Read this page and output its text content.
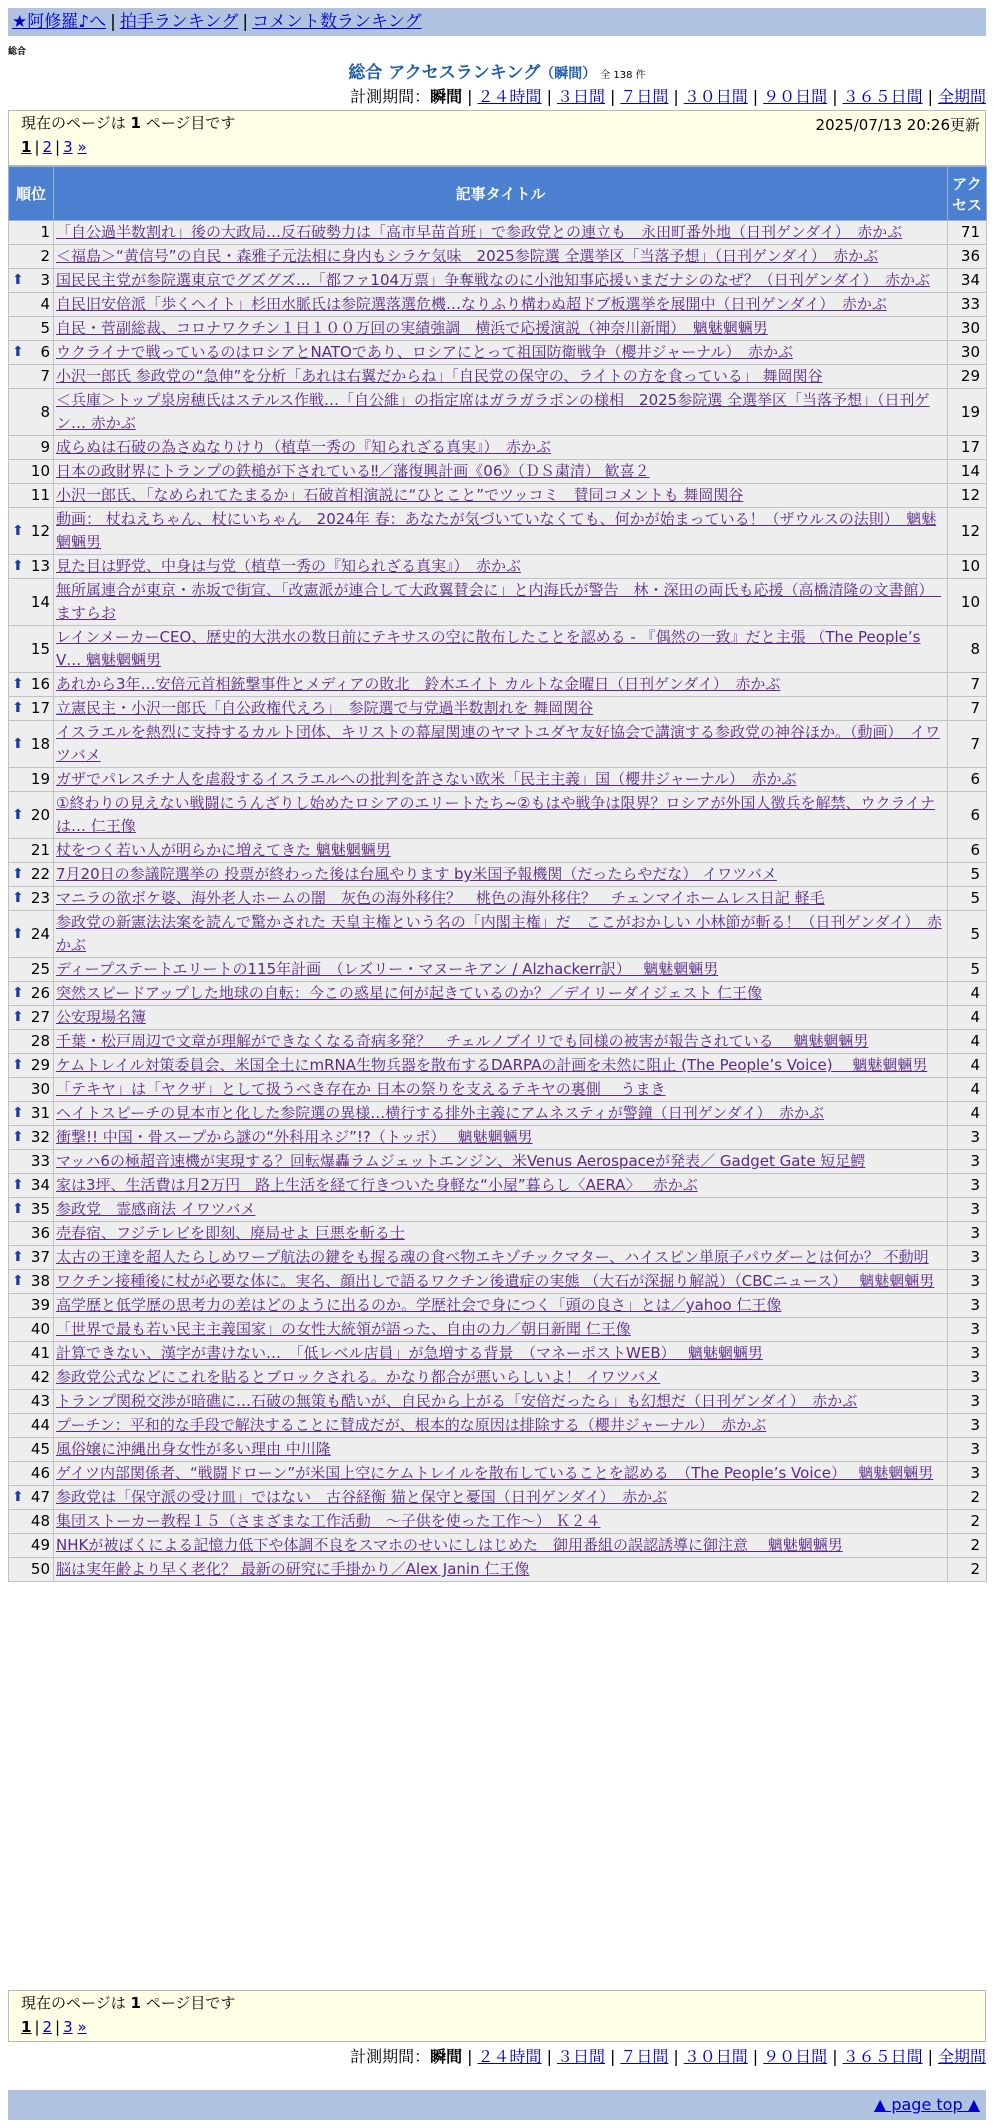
★阿修羅♪へ | 拍手ランキング | コメント数ランキング
総合
総合 アクセスランキング（瞬間） 全 138 件
計測期間：瞬間 | ２４時間 | ３日間 | ７日間 | ３０日間 | ９０日間 | ３６５日間 | 全期間
現在のページは 1 ページ目です	2025/07/13 20:26更新
1 | 2 | 3 »
順位	記事タイトル	アクセス
1	「自公過半数割れ」後の大政局…反石破勢力は「高市早苗首班」で参政党との連立も　永田町番外地（日刊ゲンダイ）　赤かぶ	71
2	＜福島＞“黄信号”の自民・森雅子元法相に身内もシラケ気味　2025参院選 全選挙区「当落予想」（日刊ゲンダイ）　赤かぶ	36

⬆ 3	国民民主党が参院選東京でグズグズ…「都ファ104万票」争奪戦なのに小池知事応援いまだナシのなぜ？（日刊ゲンダイ）　赤かぶ	34
4	自民旧安倍派「歩くヘイト」杉田水脈氏は参院選落選危機…なりふり構わぬ超ドブ板選挙を展開中（日刊ゲンダイ）　赤かぶ	33
5	自民・菅副総裁、コロナワクチン１日１００万回の実績強調　横浜で応援演説（神奈川新聞）　魑魅魍魎男	30

⬆ 6	ウクライナで戦っているのはロシアとNATOであり、ロシアにとって祖国防衛戦争（櫻井ジャーナル）　赤かぶ	30
7	小沢一郎氏 参政党の“急伸”を分析「あれは右翼だからね」「自民党の保守の、ライトの方を食っている」 舞岡関谷	29
8	＜兵庫＞トップ泉房穂氏はステルス作戦…「自公維」の指定席はガラガラポンの様相　2025参院選 全選挙区「当落予想」（日刊ゲン… 赤かぶ	19
9	成らぬは石破の為さぬなりけり（植草一秀の『知られざる真実』）　赤かぶ	17
10	日本の政財界にトランプの鉄槌が下されている‼／藩復興計画《06》（ＤＳ粛清） 歓喜２	14
11	小沢一郎氏、「なめられてたまるか」石破首相演説に“ひとこと”でツッコミ　賛同コメントも 舞岡関谷	12

⬆ 12	動画： 杖ねえちゃん、杖にいちゃん　2024年 春：あなたが気づいていなくても、何かが始まっている！（ザウルスの法則）　魑魅魍魎男	12

⬆ 13	見た目は野党、中身は与党（植草一秀の『知られざる真実』）　赤かぶ	10
14	無所属連合が東京・赤坂で街宣、「改憲派が連合して大政翼賛会に」と内海氏が警告　林・深田の両氏も応援（高橋清隆の文書館）　ますらお	10
15	レインメーカーCEO、歴史的大洪水の数日前にテキサスの空に散布したことを認める - 『偶然の一致』だと主張 （The People’s V… 魑魅魍魎男	8

⬆ 16	あれから3年…安倍元首相銃撃事件とメディアの敗北　鈴木エイト カルトな金曜日（日刊ゲンダイ）　赤かぶ	7

⬆ 17	立憲民主・小沢一郎氏「自公政権代えろ」　参院選で与党過半数割れを 舞岡関谷	7

⬆ 18	イスラエルを熱烈に支持するカルト団体、キリストの幕屋関連のヤマトユダヤ友好協会で講演する参政党の神谷ほか。（動画）　イワツバメ	7
19	ガザでパレスチナ人を虐殺するイスラエルへの批判を許さない欧米「民主主義」国（櫻井ジャーナル）　赤かぶ	6

⬆ 20	①終わりの見えない戦闘にうんざりし始めたロシアのエリートたち~②もはや戦争は限界？ロシアが外国人徴兵を解禁、ウクライナは… 仁王像	6
21	杖をつく若い人が明らかに増えてきた 魑魅魍魎男	6

⬆ 22	7月20日の参議院選挙の 投票が終わった後は台風やります by米国予報機関（だったらやだな） イワツバメ	5

⬆ 23	マニラの欲ボケ婆、海外老人ホームの闇　灰色の海外移住？　桃色の海外移住？　チェンマイホームレス日記 軽毛	5

⬆ 24	参政党の新憲法法案を読んで驚かされた 天皇主権という名の「内閣主権」だ　ここがおかしい 小林節が斬る！（日刊ゲンダイ）　赤かぶ	5
25	ディープステートエリートの115年計画　（レズリー・マヌーキアン / Alzhackerr訳）　 魑魅魍魎男	5

⬆ 26	突然スピードアップした地球の自転：今この惑星に何が起きているのか？／デイリーダイジェスト 仁王像	4

⬆ 27	公安現場名簿	4
28	千葉・松戸周辺で文章が理解ができなくなる奇病多発？　チェルノブイリでも同様の被害が報告されている　 魑魅魍魎男	4

⬆ 29	ケムトレイル対策委員会、米国全土にmRNA生物兵器を散布するDARPAの計画を未然に阻止 (The People’s Voice)　 魑魅魍魎男	4
30	「テキヤ」は「ヤクザ」として扱うべき存在か 日本の祭りを支えるテキヤの裏側　 うまき	4

⬆ 31	ヘイトスピーチの見本市と化した参院選の異様…横行する排外主義にアムネスティが警鐘（日刊ゲンダイ）　赤かぶ	4

⬆ 32	衝撃!! 中国・骨スープから謎の“外科用ネジ”!?（トッポ）　 魑魅魍魎男	3
33	マッハ6の極超音速機が実現する？回転爆轟ラムジェットエンジン、米Venus Aerospaceが発表／ Gadget Gate 短足鰐	3

⬆ 34	家は3坪、生活費は月2万円　路上生活を経て行きついた身軽な“小屋”暮らし〈AERA〉　 赤かぶ	3

⬆ 35	参政党　霊感商法 イワツバメ	3
36	売春宿、フジテレビを即刻、廃局せよ 巨悪を斬る士	3

⬆ 37	太古の王達を超人たらしめワープ航法の鍵をも握る魂の食べ物エキゾチックマター、ハイスピン単原子パウダーとは何か？ 不動明	3

⬆ 38	ワクチン接種後に杖が必要な体に。実名、顔出しで語るワクチン後遺症の実態 （大石が深掘り解説）（CBCニュース）　 魑魅魍魎男	3
39	高学歴と低学歴の思考力の差はどのように出るのか。学歴社会で身につく「頭の良さ」とは／yahoo 仁王像	3
40	「世界で最も若い民主主義国家」の女性大統領が語った、自由の力／朝日新聞 仁王像	3
41	計算できない、漢字が書けない…　「低レベル店員」が急増する背景　（マネーポストWEB）　 魑魅魍魎男	3
42	参政党公式などにこれを貼るとブロックされる。かなり都合が悪いらしいよ！ イワツバメ	3
43	トランプ関税交渉が暗礁に…石破の無策も酷いが、自民から上がる「安倍だったら」も幻想だ（日刊ゲンダイ）　赤かぶ	3
44	プーチン：平和的な手段で解決することに賛成だが、根本的な原因は排除する（櫻井ジャーナル）　赤かぶ	3
45	風俗嬢に沖縄出身女性が多い理由 中川隆	3
46	ゲイツ内部関係者、“戦闘ドローン”が米国上空にケムトレイルを散布していることを認める　（The People’s Voice）　 魑魅魍魎男	3

⬆ 47	参政党は「保守派の受け皿」ではない　古谷経衡 猫と保守と憂国（日刊ゲンダイ）　赤かぶ	2
48	集団ストーカー教程１５（さまざまな工作活動　～子供を使った工作～） Ｋ２４	2
49	NHKが被ばくによる記憶力低下や体調不良をスマホのせいにしはじめた　御用番組の誤認誘導に御注意　 魑魅魍魎男	2
50	脳は実年齢より早く老化？ 最新の研究に手掛かり／Alex Janin 仁王像	2
現在のページは 1 ページ目です
1 | 2 | 3 »
計測期間：瞬間 | ２４時間 | ３日間 | ７日間 | ３０日間 | ９０日間 | ３６５日間 | 全期間
▲ page top ▲
